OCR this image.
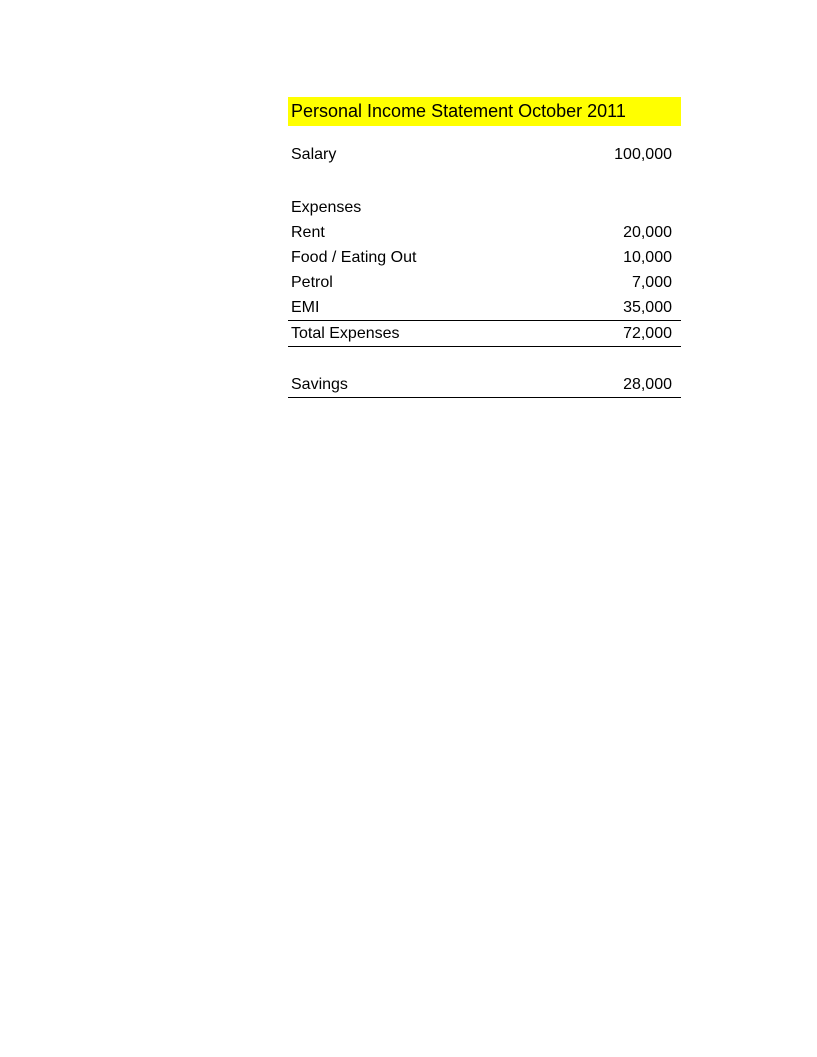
Personal Income Statement October 2011
Salary	100,000
Expenses
Rent	20,000
Food / Eating Out	10,000
Petrol	7,000
EMI	35,000
Total Expenses	72,000
Savings	28,000
